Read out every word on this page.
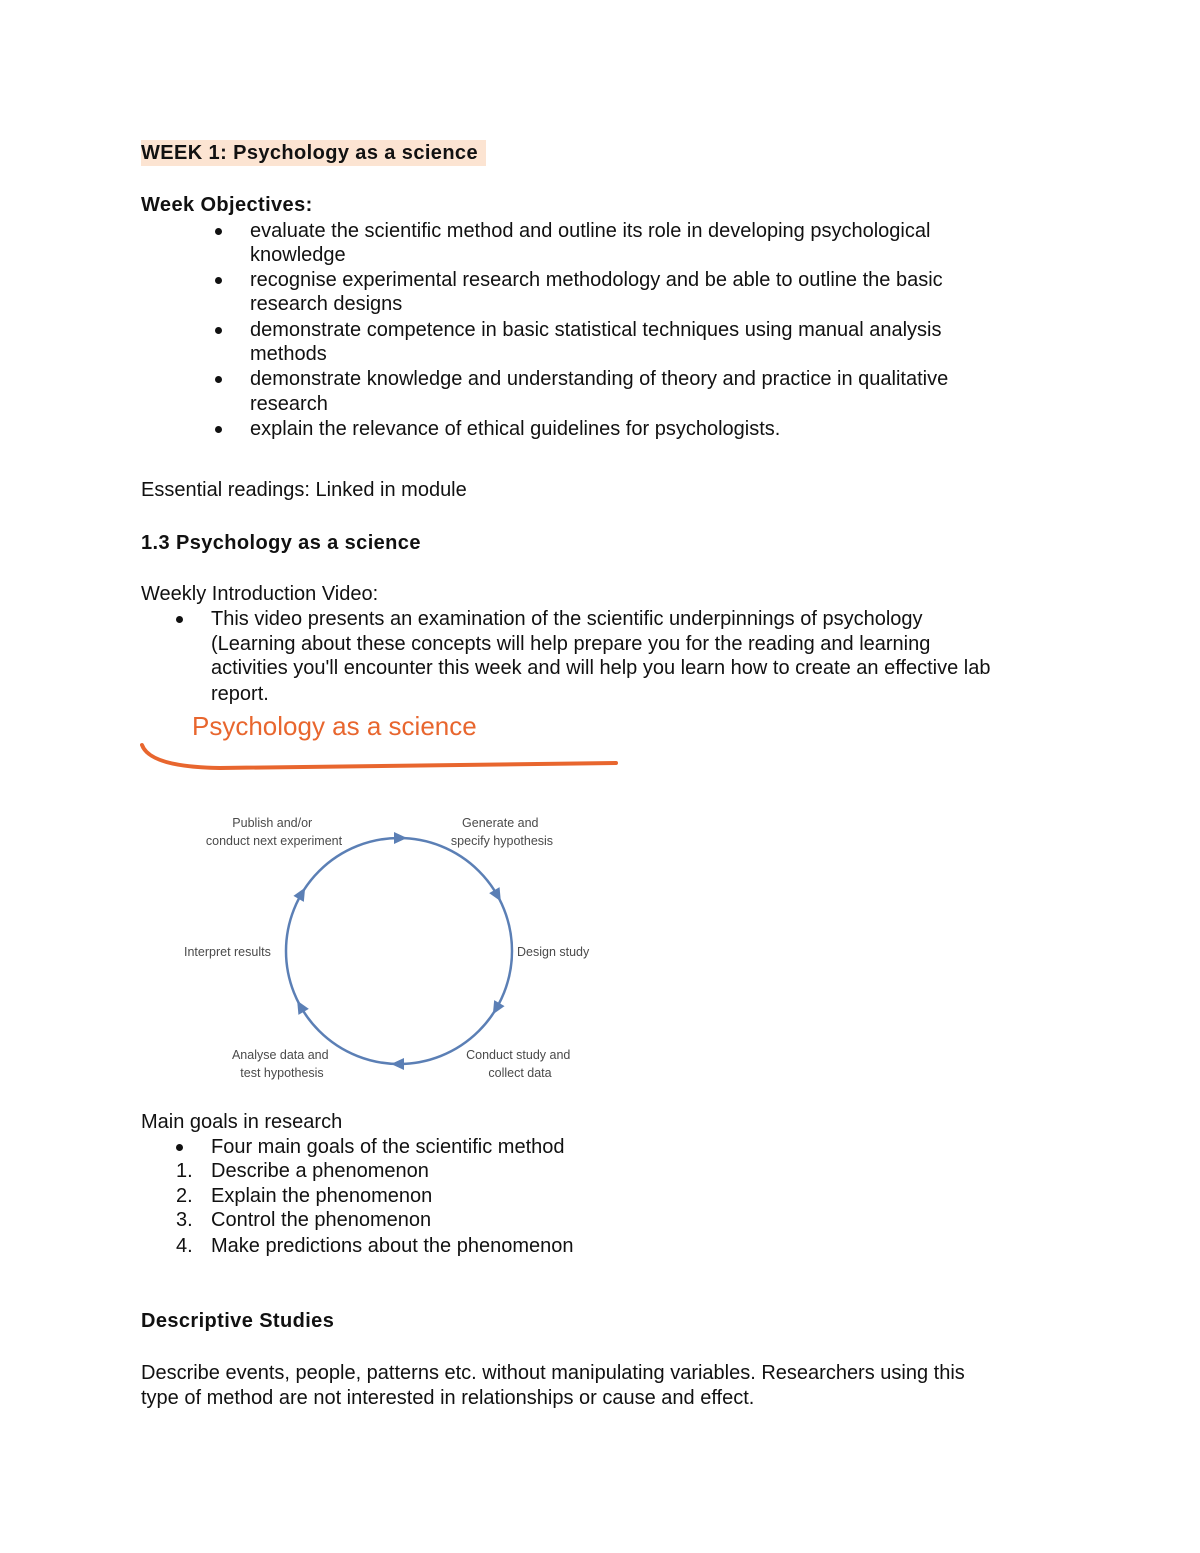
WEEK 1: Psychology as a science
Week Objectives:
evaluate the scientific method and outline its role in developing psychological
knowledge
recognise experimental research methodology and be able to outline the basic
research designs
demonstrate competence in basic statistical techniques using manual analysis
methods
demonstrate knowledge and understanding of theory and practice in qualitative
research
explain the relevance of ethical guidelines for psychologists.
Essential readings: Linked in module
1.3 Psychology as a science
Weekly Introduction Video:
This video presents an examination of the scientific underpinnings of psychology
(Learning about these concepts will help prepare you for the reading and learning
activities you'll encounter this week and will help you learn how to create an effective lab
report.
Psychology as a science
Generate and specify hypothesis
Design study
Conduct study and collect data
Analyse data and test hypothesis
Interpret results
Publish and/or conduct next experiment
Main goals in research
Four main goals of the scientific method
1. Describe a phenomenon
2. Explain the phenomenon
3. Control the phenomenon
4. Make predictions about the phenomenon
Descriptive Studies
Describe events, people, patterns etc. without manipulating variables. Researchers using this
type of method are not interested in relationships or cause and effect.
